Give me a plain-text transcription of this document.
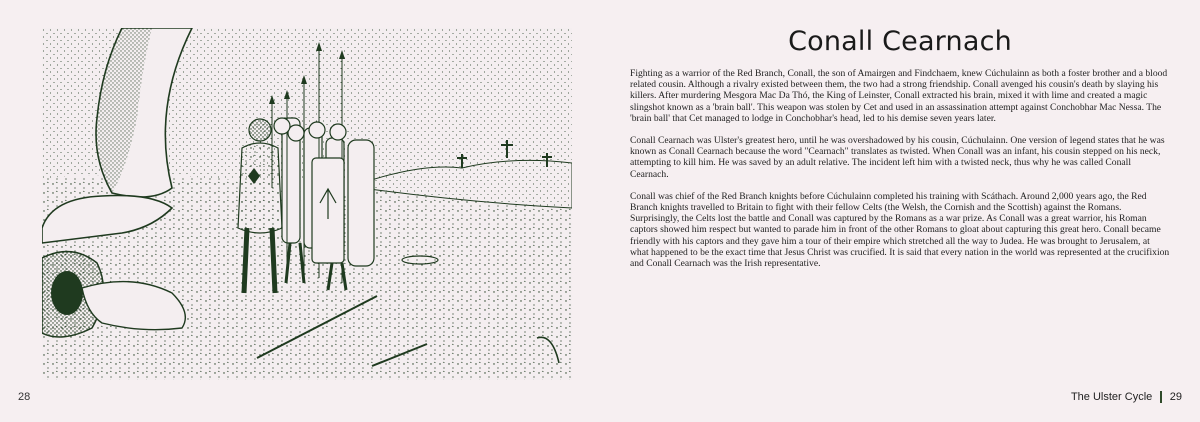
Conall Cearnach

Fighting as a warrior of the Red Branch, Conall, the son of Amairgen and Findchaem, knew Cúchulainn as both a foster brother and a blood related cousin. Although a rivalry existed between them, the two had a strong friendship. Conall avenged his cousin's death by slaying his killers. After murdering Mesgora Mac Da Thó, the King of Leinster, Conall extracted his brain, mixed it with lime and created a magic slingshot known as a 'brain ball'. This weapon was stolen by Cet and used in an assassination attempt against Conchobhar Mac Nessa. The 'brain ball' that Cet managed to lodge in Conchobhar's head, led to his demise seven years later.

Conall Cearnach was Ulster's greatest hero, until he was overshadowed by his cousin, Cúchulainn. One version of legend states that he was known as Conall Cearnach because the word "Cearnach" translates as twisted. When Conall was an infant, his cousin stepped on his neck, attempting to kill him. He was saved by an adult relative. The incident left him with a twisted neck, thus why he was called Conall Cearnach.

Conall was chief of the Red Branch knights before Cúchulainn completed his training with Scáthach. Around 2,000 years ago, the Red Branch knights travelled to Britain to fight with their fellow Celts (the Welsh, the Cornish and the Scottish) against the Romans. Surprisingly, the Celts lost the battle and Conall was captured by the Romans as a war prize. As Conall was a great warrior, his Roman captors showed him respect but wanted to parade him in front of the other Romans to gloat about capturing this great hero. Conall became friendly with his captors and they gave him a tour of their empire which stretched all the way to Judea. He was brought to Jerusalem, at what happened to be the exact time that Jesus Christ was crucified. It is said that every nation in the world was represented at the crucifixion and Conall Cearnach was the Irish representative.

28	The Ulster Cycle 29
